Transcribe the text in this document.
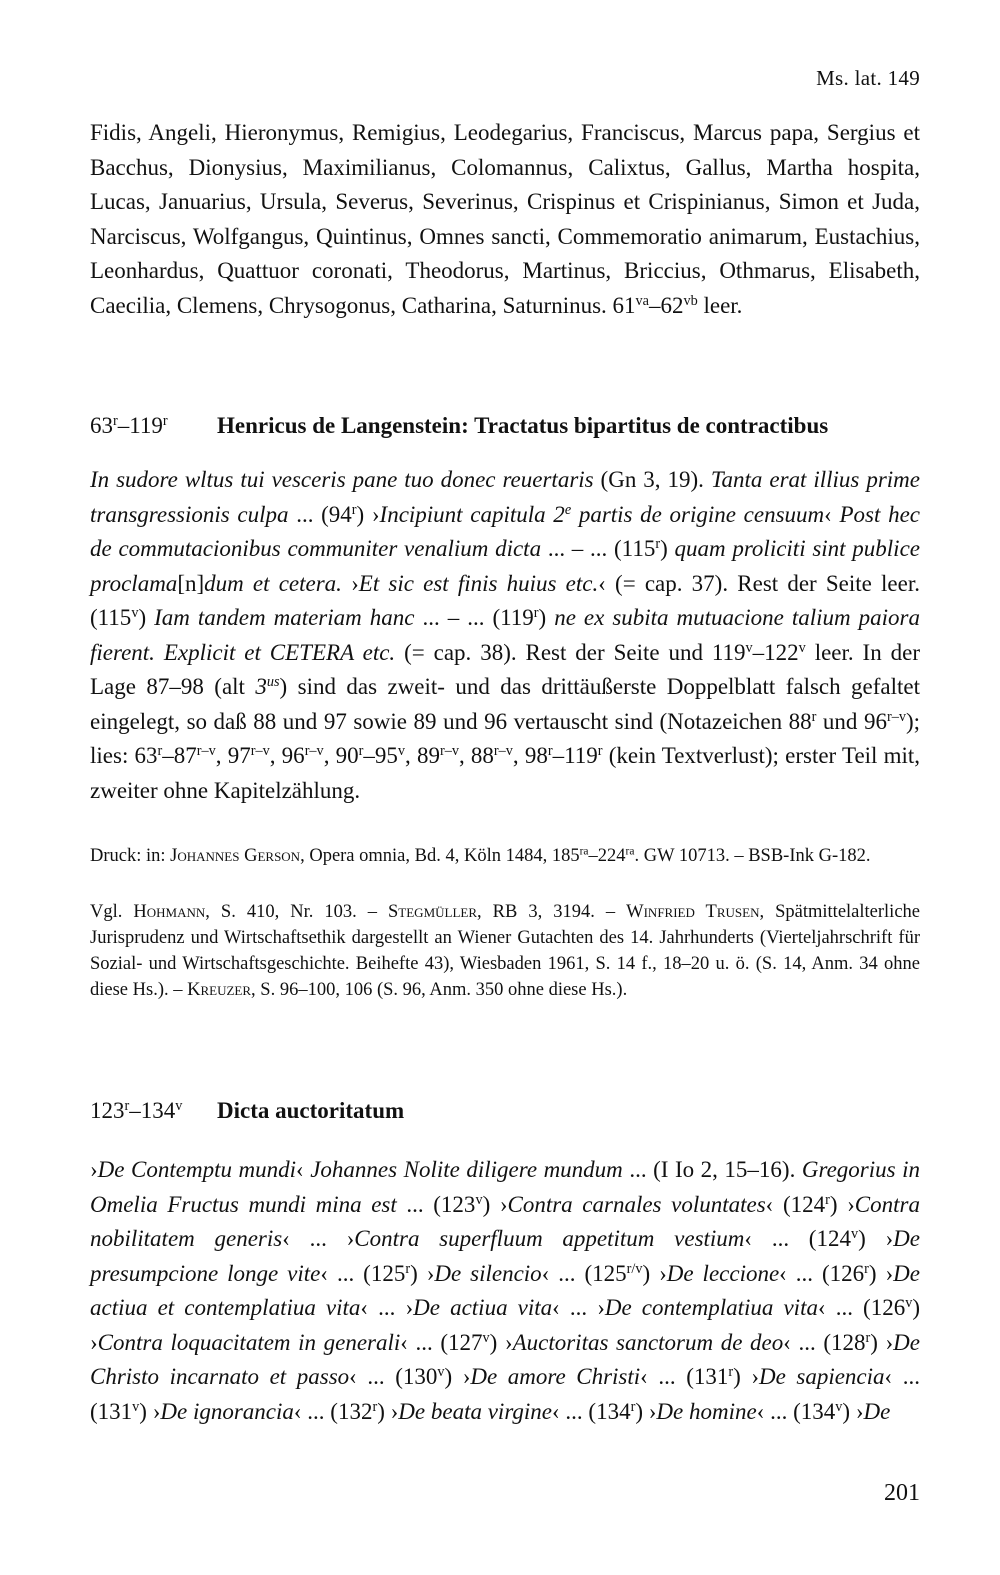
Ms. lat. 149
Fidis, Angeli, Hieronymus, Remigius, Leodegarius, Franciscus, Marcus papa, Sergius et Bacchus, Dionysius, Maximilianus, Colomannus, Calixtus, Gallus, Martha hospita, Lucas, Januarius, Ursula, Severus, Severinus, Crispinus et Crispinianus, Simon et Juda, Narciscus, Wolfgangus, Quintinus, Omnes sancti, Commemoratio animarum, Eustachius, Leonhardus, Quattuor coronati, Theodorus, Martinus, Briccius, Othmarus, Elisabeth, Caecilia, Clemens, Chrysogonus, Catharina, Saturninus. $61^{va}-62^{vb}$ leer.
63$^r$–119$^r$ Henricus de Langenstein: Tractatus bipartitus de contractibus
In sudore wltus tui vesceris pane tuo donec reuertaris (Gn 3, 19). Tanta erat illius prime transgressionis culpa ... (94$^r$) ›Incipiunt capitula 2e partis de origine censuum‹ Post hec de commutacionibus communiter venalium dicta ... – ... (115$^r$) quam proliciti sint publice proclama[n]dum et cetera. ›Et sic est finis huius etc.‹ (= cap. 37). Rest der Seite leer. (115$^v$) Iam tandem materiam hanc ... – ... (119$^r$) ne ex subita mutuacione talium paiora fierent. Explicit et CETERA etc. (= cap. 38). Rest der Seite und 119$^v$–122$^v$ leer. In der Lage 87–98 (alt $3^{us}$) sind das zweit- und das drittäußerste Doppelblatt falsch gefaltet eingelegt, so daß 88 und 97 sowie 89 und 96 vertauscht sind (Notazeichen 88$^r$ und 96$^{r-v}$); lies: 63$^r$–87$^{r-v}$, 97$^{r-v}$, 96$^{r-v}$, 90$^r$–95$^v$, 89$^{r-v}$, 88$^{r-v}$, 98$^r$–119$^r$ (kein Textverlust); erster Teil mit, zweiter ohne Kapitelzählung.
Druck: in: Johannes Gerson, Opera omnia, Bd. 4, Köln 1484, $185^{ra}-224^{ra}$. GW 10713. – BSB-Ink G-182.
Vgl. Hohmann, S. 410, Nr. 103. – Stegmüller, RB 3, 3194. – Winfried Trusen, Spätmittelalterliche Jurisprudenz und Wirtschaftsethik dargestellt an Wiener Gutachten des 14. Jahrhunderts (Vierteljahrschrift für Sozial- und Wirtschaftsgeschichte. Beihefte 43), Wiesbaden 1961, S. 14 f., 18–20 u. ö. (S. 14, Anm. 34 ohne diese Hs.). – Kreuzer, S. 96–100, 106 (S. 96, Anm. 350 ohne diese Hs.).
123$^r$–134$^v$ Dicta auctoritatum
›De Contemptu mundi‹ Johannes Nolite diligere mundum ... (I Io 2, 15–16). Gregorius in Omelia Fructus mundi mina est ... (123$^v$) ›Contra carnales voluntates‹ (124$^r$) ›Contra nobilitatem generis‹ ... ›Contra superfluum appetitum vestium‹ ... (124$^v$) ›De presumpcione longe vite‹ ... (125$^r$) ›De silencio‹ ... $(125^{r/v})$ ›De leccione‹ ... (126$^r$) ›De actiua et contemplatiua vita‹ ... ›De actiua vita‹ ... ›De contemplatiua vita‹ ... (126$^v$) ›Contra loquacitatem in generali‹ ... (127$^v$) ›Auctoritas sanctorum de deo‹ ... (128$^r$) ›De Christo incarnato et passo‹ ... (130$^v$) ›De amore Christi‹ ... (131$^r$) ›De sapiencia‹ ... (131$^v$) ›De ignorancia‹ ... (132$^r$) ›De beata virgine‹ ... (134$^r$) ›De homine‹ ... (134$^v$) ›De
201
